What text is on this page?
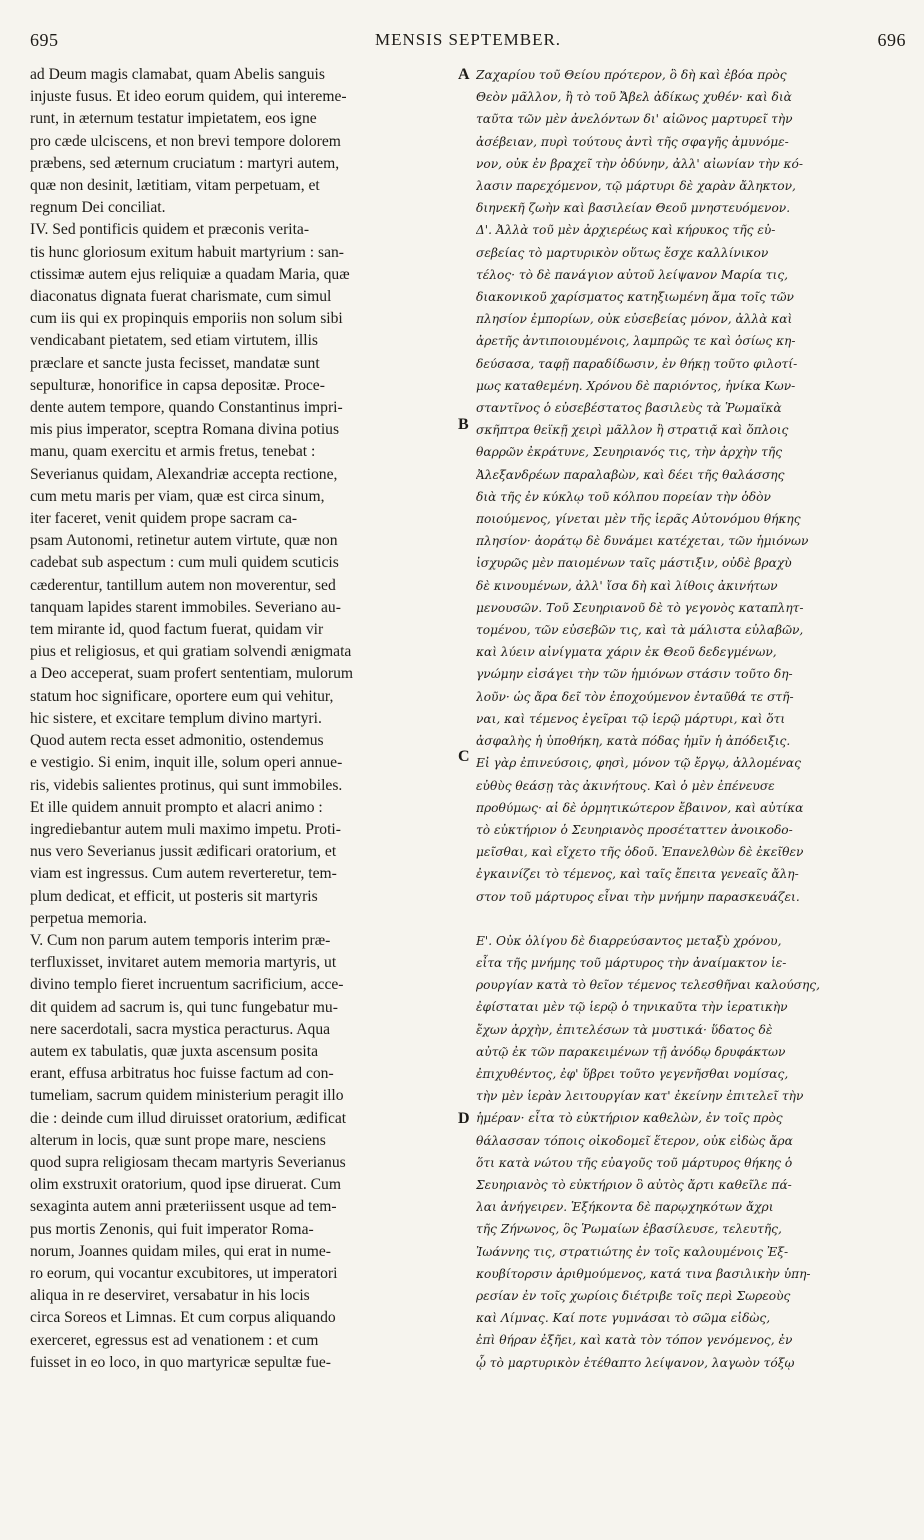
695	MENSIS SEPTEMBER.	696
ad Deum magis clamabat, quam Abelis sanguis
injuste fusus. Et ideo eorum quidem, qui intereme-
runt, in æternum testatur impietatem, eos igne
pro cæde ulciscens, et non brevi tempore dolorem
præbens, sed æternum cruciatum : martyri autem,
quæ non desinit, lætitiam, vitam perpetuam, et
regnum Dei conciliat.
IV. Sed pontificis quidem et præconis verita-
tis hunc gloriosum exitum habuit martyrium : san-
ctissimæ autem ejus reliquiæ a quadam Maria, quæ
diaconatus dignata fuerat charismate, cum simul
cum iis qui ex propinquis emporiis non solum sibi
vendicabant pietatem, sed etiam virtutem, illis
præclare et sancte justa fecisset, mandatæ sunt
sepulturæ, honorifice in capsa depositæ. Proce-
dente autem tempore, quando Constantinus impri-
mis pius imperator, sceptra Romana divina potius
manu, quam exercitu et armis fretus, tenebat :
Severianus quidam, Alexandriæ accepta rectione,
cum metu maris per viam, quæ est circa sinum,
iter faceret, venit quidem prope sacram ca-
psam Autonomi, retinetur autem virtute, quæ non
cadebat sub aspectum : cum muli quidem scuticis
cæderentur, tantillum autem non moverentur, sed
tanquam lapides starent immobiles. Severiano au-
tem mirante id, quod factum fuerat, quidam vir
pius et religiosus, et qui gratiam solvendi ænigmata
a Deo acceperat, suam profert sententiam, mulorum
statum hoc significare, oportere eum qui vehitur,
hic sistere, et excitare templum divino martyri.
Quod autem recta esset admonitio, ostendemus
e vestigio. Si enim, inquit ille, solum operi annue-
ris, videbis salientes protinus, qui sunt immobiles.
Et ille quidem annuit prompto et alacri animo :
ingrediebantur autem muli maximo impetu. Proti-
nus vero Severianus jussit ædificari oratorium, et
viam est ingressus. Cum autem reverteretur, tem-
plum dedicat, et efficit, ut posteris sit martyris
perpetua memoria.
V. Cum non parum autem temporis interim præ-
terfluxisset, invitaret autem memoria martyris, ut
divino templo fieret incruentum sacrificium, acce-
dit quidem ad sacrum is, qui tunc fungebatur mu-
nere sacerdotali, sacra mystica peracturus. Aqua
autem ex tabulatis, quæ juxta ascensum posita
erant, effusa arbitratus hoc fuisse factum ad con-
tumeliam, sacrum quidem ministerium peragit illo
die : deinde cum illud diruisset oratorium, ædificat
alterum in locis, quæ sunt prope mare, nesciens
quod supra religiosam thecam martyris Severianus
olim exstruxit oratorium, quod ipse diruerat. Cum
sexaginta autem anni præteriissent usque ad tem-
pus mortis Zenonis, qui fuit imperator Roma-
norum, Joannes quidam miles, qui erat in nume-
ro eorum, qui vocantur excubitores, ut imperatori
aliqua in re deserviret, versabatur in his locis
circa Soreos et Limnas. Et cum corpus aliquando
exerceret, egressus est ad venationem : et cum
fuisset in eo loco, in quo martyricæ sepultæ fue-
Ζαχαρίου τοῦ Θείου πρότερον, ὃ δὴ καὶ ἐβόα πρὸς
Θεὸν μᾶλλον, ἢ τὸ τοῦ Ἄβελ ἀδίκως χυθέν· καὶ διὰ
ταῦτα τῶν μὲν ἀνελόντων δι' αἰῶνος μαρτυρεῖ τὴν
ἀσέβειαν, πυρὶ τούτους ἀντὶ τῆς σφαγῆς ἀμυνόμε-
νον, οὐκ ἐν βραχεῖ τὴν ὀδύνην, ἀλλ' αἰωνίαν τὴν κό-
λασιν παρεχόμενον, τῷ μάρτυρι δὲ χαρὰν ἄληκτον,
διηνεκῆ ζωὴν καὶ βασιλείαν Θεοῦ μνηστευόμενον.
Δ'. Ἀλλὰ τοῦ μὲν ἀρχιερέως καὶ κήρυκος τῆς εὐ-
σεβείας τὸ μαρτυρικὸν οὕτως ἔσχε καλλίνικον
τέλος· τὸ δὲ πανάγιον αὐτοῦ λείψανον Μαρία τις,
διακονικοῦ χαρίσματος κατηξιωμένη ἅμα τοῖς τῶν
πλησίον ἐμπορίων, οὐκ εὐσεβείας μόνον, ἀλλὰ καὶ
ἀρετῆς ἀντιποιουμένοις, λαμπρῶς τε καὶ ὁσίως κη-
δεύσασα, ταφῇ παραδίδωσιν, ἐν θήκῃ τοῦτο φιλοτί-
μως καταθεμένη. Χρόνου δὲ παριόντος, ἡνίκα Κων-
σταντῖνος ὁ εὐσεβέστατος βασιλεὺς τὰ Ῥωμαϊκὰ
σκῆπτρα θεϊκῇ χειρὶ μᾶλλον ἢ στρατιᾷ καὶ ὅπλοις
θαρρῶν ἐκράτυνε, Σευηριανός τις, τὴν ἀρχὴν τῆς
Ἀλεξανδρέων παραλαβὼν, καὶ δέει τῆς θαλάσσης
διὰ τῆς ἐν κύκλῳ τοῦ κόλπου πορείαν τὴν ὁδὸν
ποιούμενος, γίνεται μὲν τῆς ἱερᾶς Αὐτονόμου θήκης
πλησίον· ἀοράτῳ δὲ δυνάμει κατέχεται, τῶν ἡμιόνων
ἰσχυρῶς μὲν παιομένων ταῖς μάστιξιν, οὐδὲ βραχὺ
δὲ κινουμένων, ἀλλ' ἴσα δὴ καὶ λίθοις ἀκινήτων
μενουσῶν. Τοῦ Σευηριανοῦ δὲ τὸ γεγονὸς καταπλητ-
τομένου, τῶν εὐσεβῶν τις, καὶ τὰ μάλιστα εὐλαβῶν,
καὶ λύειν αἰνίγματα χάριν ἐκ Θεοῦ δεδεγμένων,
γνώμην εἰσάγει τὴν τῶν ἡμιόνων στάσιν τοῦτο δη-
λοῦν· ὡς ἄρα δεῖ τὸν ἐποχούμενον ἐνταῦθά τε στῆ-
ναι, καὶ τέμενος ἐγεῖραι τῷ ἱερῷ μάρτυρι, καὶ ὅτι
ἀσφαλὴς ἡ ὑποθήκη, κατὰ πόδας ἡμῖν ἡ ἀπόδειξις.
Εἰ γὰρ ἐπινεύσοις, φησὶ, μόνον τῷ ἔργῳ, ἀλλομένας
εὐθὺς θεάσῃ τὰς ἀκινήτους. Καὶ ὁ μὲν ἐπένευσε
προθύμως· αἱ δὲ ὁρμητικώτερον ἔβαινον, καὶ αὐτίκα
τὸ εὐκτήριον ὁ Σευηριανὸς προσέταττεν ἀνοικοδο-
μεῖσθαι, καὶ εἴχετο τῆς ὁδοῦ. Ἐπανελθὼν δὲ ἐκεῖθεν
ἐγκαινίζει τὸ τέμενος, καὶ ταῖς ἔπειτα γενεαῖς ἄλη-
στον τοῦ μάρτυρος εἶναι τὴν μνήμην παρασκευάζει.
Ε'. Οὐκ ὀλίγου δὲ διαρρεύσαντος μεταξὺ χρόνου,
εἶτα τῆς μνήμης τοῦ μάρτυρος τὴν ἀναίμακτον ἱε-
ρουργίαν κατὰ τὸ θεῖον τέμενος τελεσθῆναι καλούσης,
ἐφίσταται μὲν τῷ ἱερῷ ὁ τηνικαῦτα τὴν ἱερατικὴν
ἔχων ἀρχὴν, ἐπιτελέσων τὰ μυστικά· ὕδατος δὲ
αὐτῷ ἐκ τῶν παρακειμένων τῇ ἀνόδῳ δρυφάκτων
ἐπιχυθέντος, ἐφ' ὕβρει τοῦτο γεγενῆσθαι νομίσας,
τὴν μὲν ἱερὰν λειτουργίαν κατ' ἐκείνην ἐπιτελεῖ τὴν
ἡμέραν· εἶτα τὸ εὐκτήριον καθελὼν, ἐν τοῖς πρὸς
θάλασσαν τόποις οἰκοδομεῖ ἕτερον, οὐκ εἰδὼς ἄρα
ὅτι κατὰ νώτου τῆς εὐαγοῦς τοῦ μάρτυρος θήκης ὁ
Σευηριανὸς τὸ εὐκτήριον ὃ αὐτὸς ἄρτι καθεῖλε πά-
λαι ἀνήγειρεν. Ἑξήκοντα δὲ παρῳχηκότων ἄχρι
τῆς Ζήνωνος, ὃς Ῥωμαίων ἐβασίλευσε, τελευτῆς,
Ἰωάννης τις, στρατιώτης ἐν τοῖς καλουμένοις Ἐξ-
κουβίτορσιν ἀριθμούμενος, κατά τινα βασιλικὴν ὑπη-
ρεσίαν ἐν τοῖς χωρίοις διέτριβε τοῖς περὶ Σωρεοὺς
καὶ Λίμνας. Καί ποτε γυμνάσαι τὸ σῶμα εἰδὼς,
ἐπὶ θήραν ἐξῆει, καὶ κατὰ τὸν τόπον γενόμενος, ἐν
ᾧ τὸ μαρτυρικὸν ἐτέθαπτο λείψανον, λαγωὸν τόξῳ
A
B
C
D
